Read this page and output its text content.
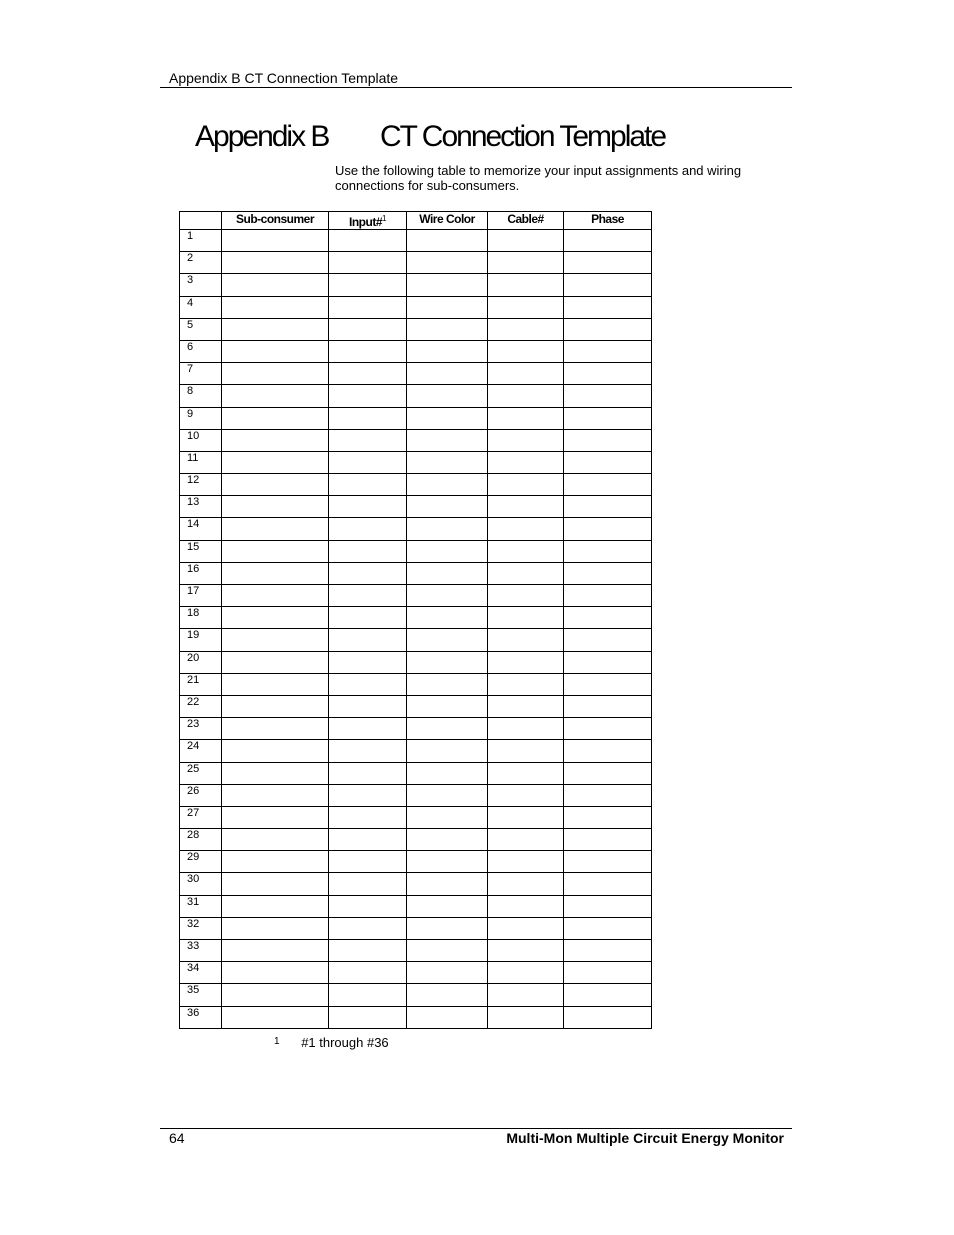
Appendix B CT Connection Template
Appendix B CT Connection Template
Use the following table to memorize your input assignments and wiring connections for sub-consumers.
	Sub-consumer	Input#$^1$	Wire Color	Cable#	Phase
1					
2					
3					
4					
5					
6					
7					
8					
9					
10					
11					
12					
13					
14					
15					
16					
17					
18					
19					
20					
21					
22					
23					
24					
25					
26					
27					
28					
29					
30					
31					
32					
33					
34					
35					
36					
$^1$ #1 through #36
64	Multi-Mon Multiple Circuit Energy Monitor
